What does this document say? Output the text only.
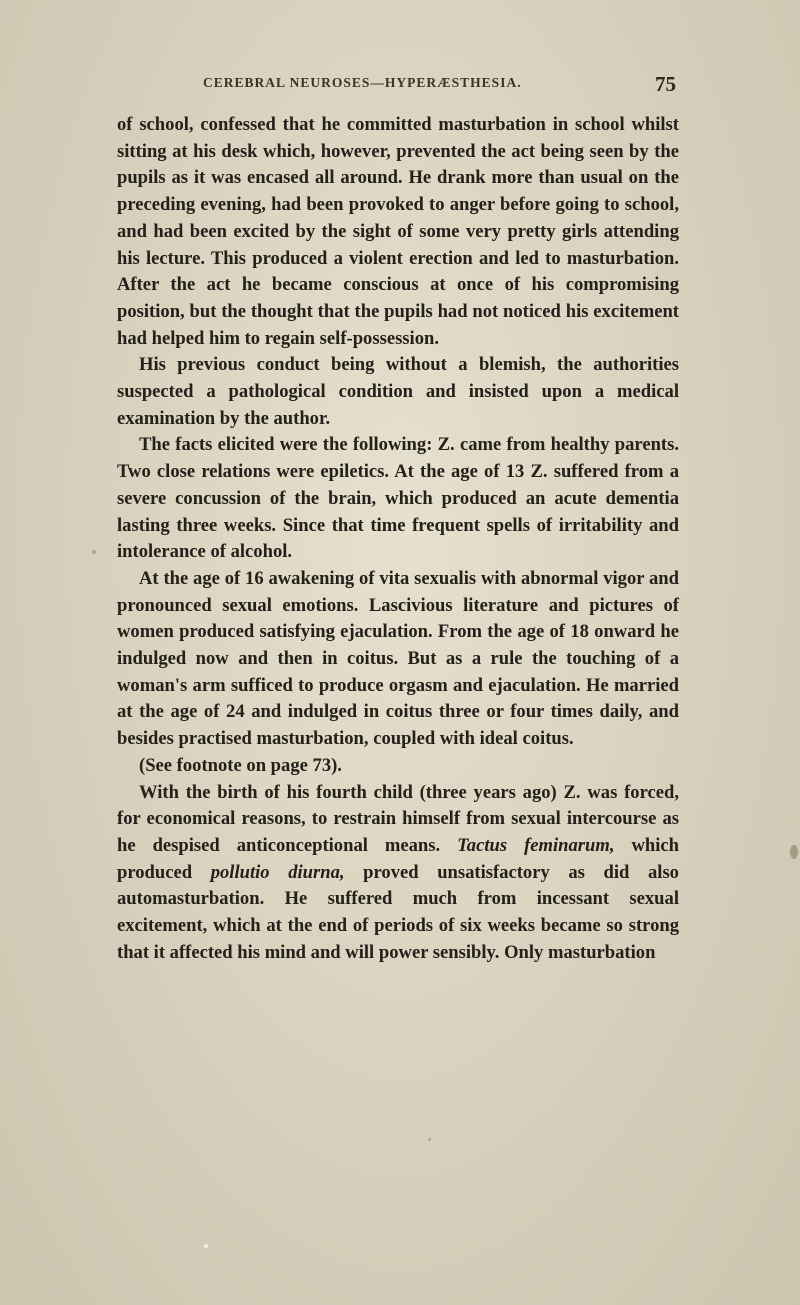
CEREBRAL NEUROSES—HYPERÆSTHESIA.	75

of school, confessed that he committed masturbation in school whilst sitting at his desk which, however, prevented the act being seen by the pupils as it was encased all around. He drank more than usual on the preceding evening, had been provoked to anger before going to school, and had been excited by the sight of some very pretty girls attending his lecture. This produced a violent erection and led to masturbation. After the act he became conscious at once of his compromising position, but the thought that the pupils had not noticed his excitement had helped him to regain self-possession.

His previous conduct being without a blemish, the authorities suspected a pathological condition and insisted upon a medical examination by the author.

The facts elicited were the following: Z. came from healthy parents. Two close relations were epiletics. At the age of 13 Z. suffered from a severe concussion of the brain, which produced an acute dementia lasting three weeks. Since that time frequent spells of irritability and intolerance of alcohol.

At the age of 16 awakening of vita sexualis with abnormal vigor and pronounced sexual emotions. Lascivious literature and pictures of women produced satisfying ejaculation. From the age of 18 onward he indulged now and then in coitus. But as a rule the touching of a woman's arm sufficed to produce orgasm and ejaculation. He married at the age of 24 and indulged in coitus three or four times daily, and besides practised masturbation, coupled with ideal coitus.

(See footnote on page 73).

With the birth of his fourth child (three years ago) Z. was forced, for economical reasons, to restrain himself from sexual intercourse as he despised anticonceptional means. Tactus feminarum, which produced pollutio diurna, proved unsatisfactory as did also automasturbation. He suffered much from incessant sexual excitement, which at the end of periods of six weeks became so strong that it affected his mind and will power sensibly. Only masturbation
